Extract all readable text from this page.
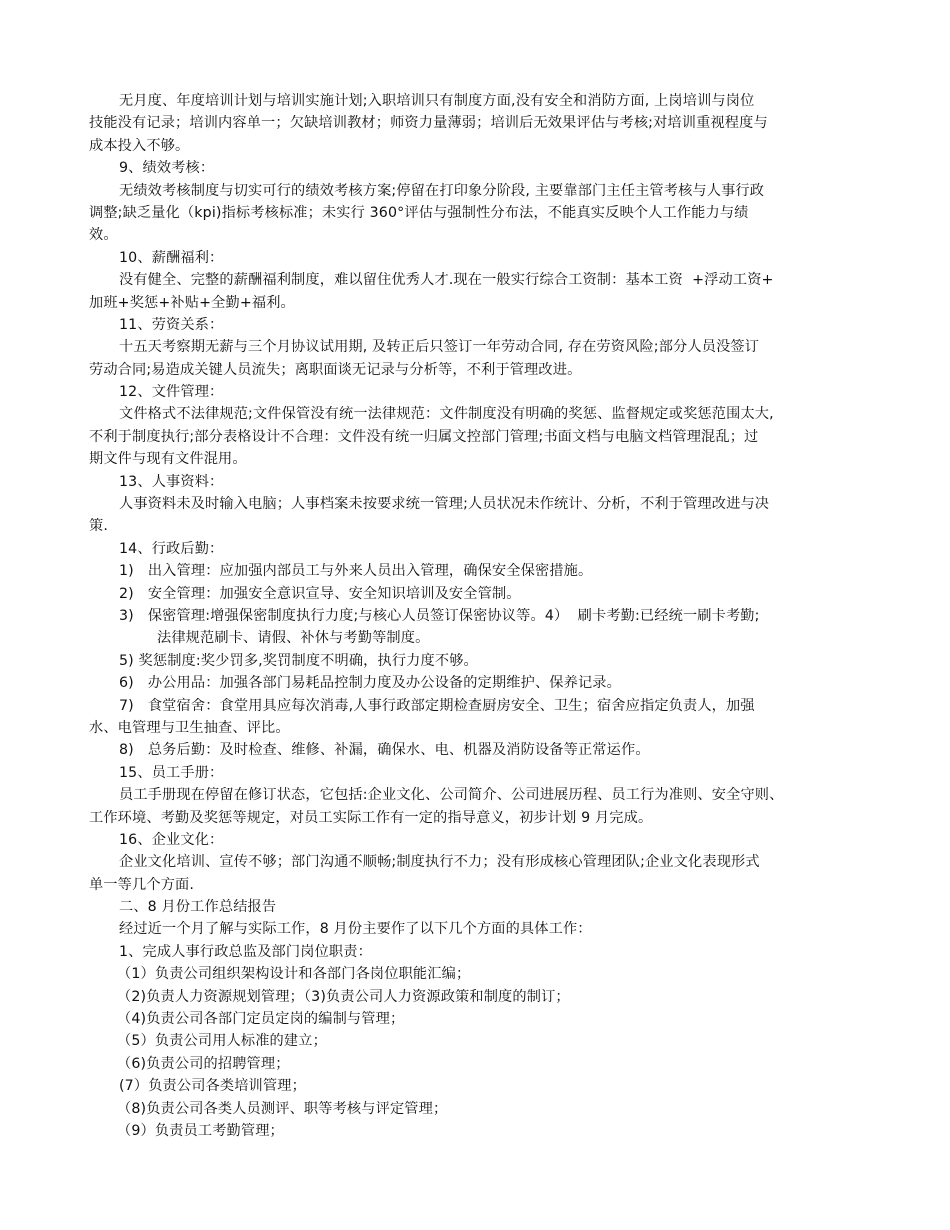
无月度、年度培训计划与培训实施计划;入职培训只有制度方面,没有安全和消防方面, 上岗培训与岗位
技能没有记录；培训内容单一；欠缺培训教材；师资力量薄弱；培训后无效果评估与考核;对培训重视程度与
成本投入不够。
9、绩效考核：
无绩效考核制度与切实可行的绩效考核方案;停留在打印象分阶段, 主要靠部门主任主管考核与人事行政
调整;缺乏量化（kpi)指标考核标准；未实行 360°评估与强制性分布法，不能真实反映个人工作能力与绩
效。
10、薪酬福利：
没有健全、完整的薪酬福利制度，难以留住优秀人才.现在一般实行综合工资制：基本工资  +浮动工资+
加班+奖惩+补贴+全勤+福利。
11、劳资关系：
十五天考察期无薪与三个月协议试用期, 及转正后只签订一年劳动合同, 存在劳资风险;部分人员没签订
劳动合同;易造成关键人员流失；离职面谈无记录与分析等，不利于管理改进。
12、文件管理：
文件格式不法律规范;文件保管没有统一法律规范：文件制度没有明确的奖惩、监督规定或奖惩范围太大,
不利于制度执行;部分表格设计不合理：文件没有统一归属文控部门管理;书面文档与电脑文档管理混乱；过
期文件与现有文件混用。
13、人事资料：
人事资料未及时输入电脑；人事档案未按要求统一管理;人员状况未作统计、分析，不利于管理改进与决
策.
14、行政后勤：
1)   出入管理：应加强内部员工与外来人员出入管理，确保安全保密措施。
2)   安全管理：加强安全意识宣导、安全知识培训及安全管制。
3)   保密管理:增强保密制度执行力度;与核心人员签订保密协议等。4）  刷卡考勤:已经统一刷卡考勤;
法律规范刷卡、请假、补休与考勤等制度。
5) 奖惩制度:奖少罚多,奖罚制度不明确，执行力度不够。
6)   办公用品：加强各部门易耗品控制力度及办公设备的定期维护、保养记录。
7)   食堂宿舍：食堂用具应每次消毒,人事行政部定期检查厨房安全、卫生；宿舍应指定负责人，加强
水、电管理与卫生抽查、评比。
8)   总务后勤：及时检查、维修、补漏，确保水、电、机器及消防设备等正常运作。
15、员工手册：
员工手册现在停留在修订状态，它包括:企业文化、公司简介、公司进展历程、员工行为准则、安全守则、
工作环境、考勤及奖惩等规定，对员工实际工作有一定的指导意义，初步计划 9 月完成。
16、企业文化：
企业文化培训、宣传不够；部门沟通不顺畅;制度执行不力；没有形成核心管理团队;企业文化表现形式
单一等几个方面.
二、8 月份工作总结报告
经过近一个月了解与实际工作，8 月份主要作了以下几个方面的具体工作：
1、完成人事行政总监及部门岗位职责：
（1）负责公司组织架构设计和各部门各岗位职能汇编；
（2)负责人力资源规划管理；（3)负责公司人力资源政策和制度的制订；
（4)负责公司各部门定员定岗的编制与管理；
（5）负责公司用人标准的建立；
（6)负责公司的招聘管理；
(7）负责公司各类培训管理；
（8)负责公司各类人员测评、职等考核与评定管理；
（9）负责员工考勤管理；
